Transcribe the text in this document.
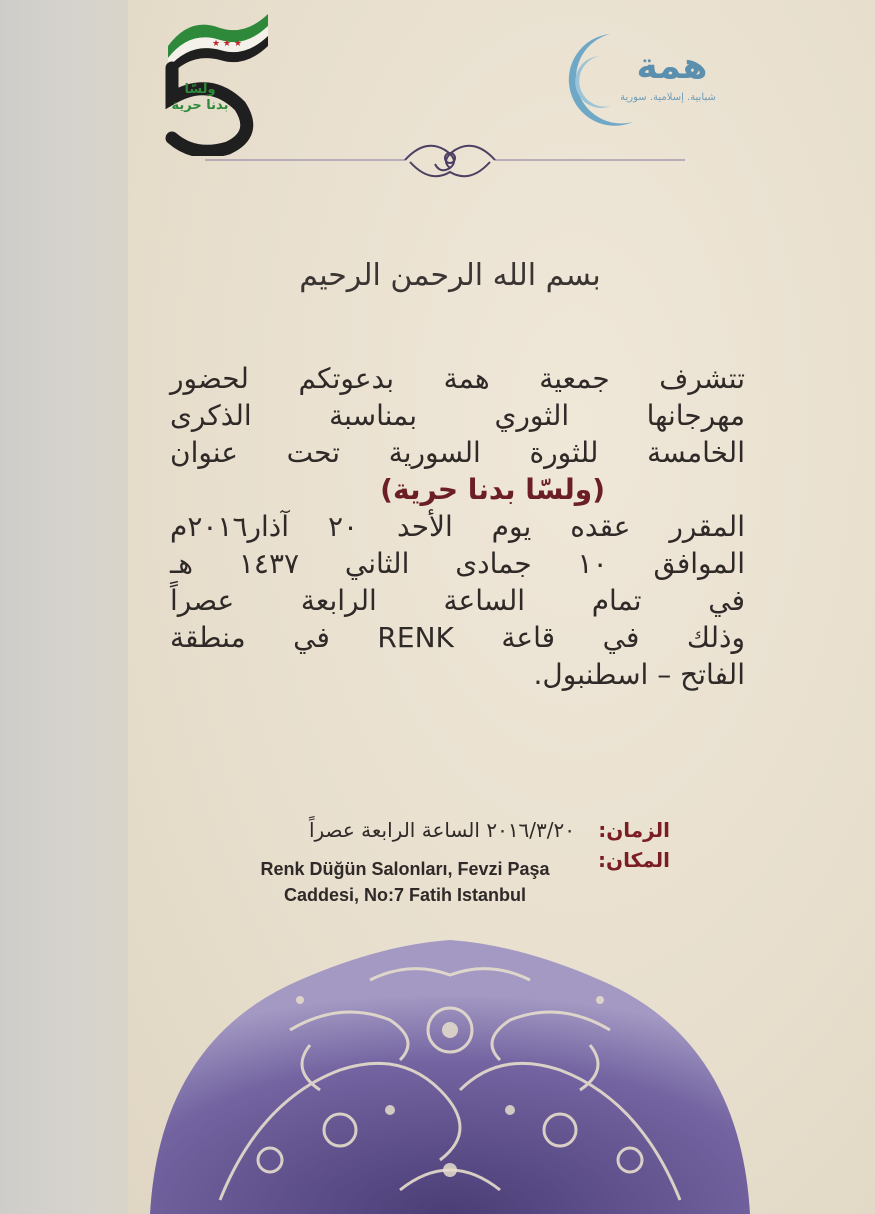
★ ★ ★
ولسّا
بدنا حرية
همة
شبابية. إسلامية. سورية
بسم الله الرحمن الرحيم
تتشرف جمعية همة بدعوتكم لحضور
مهرجانها الثوري بمناسبة الذكرى
الخامسة للثورة السورية تحت عنوان
(ولسّا بدنا حرية)
المقرر عقده يوم الأحد ٢٠ آذار٢٠١٦م
الموافق ١٠ جمادى الثاني ١٤٣٧ هـ
في تمام الساعة الرابعة عصراً
وذلك في قاعة RENK في منطقة
الفاتح – اسطنبول.
الزمان:
٢٠١٦/٣/٢٠ الساعة الرابعة عصراً
المكان:
Renk Düğün Salonları, Fevzi Paşa
Caddesi, No:7 Fatih Istanbul
